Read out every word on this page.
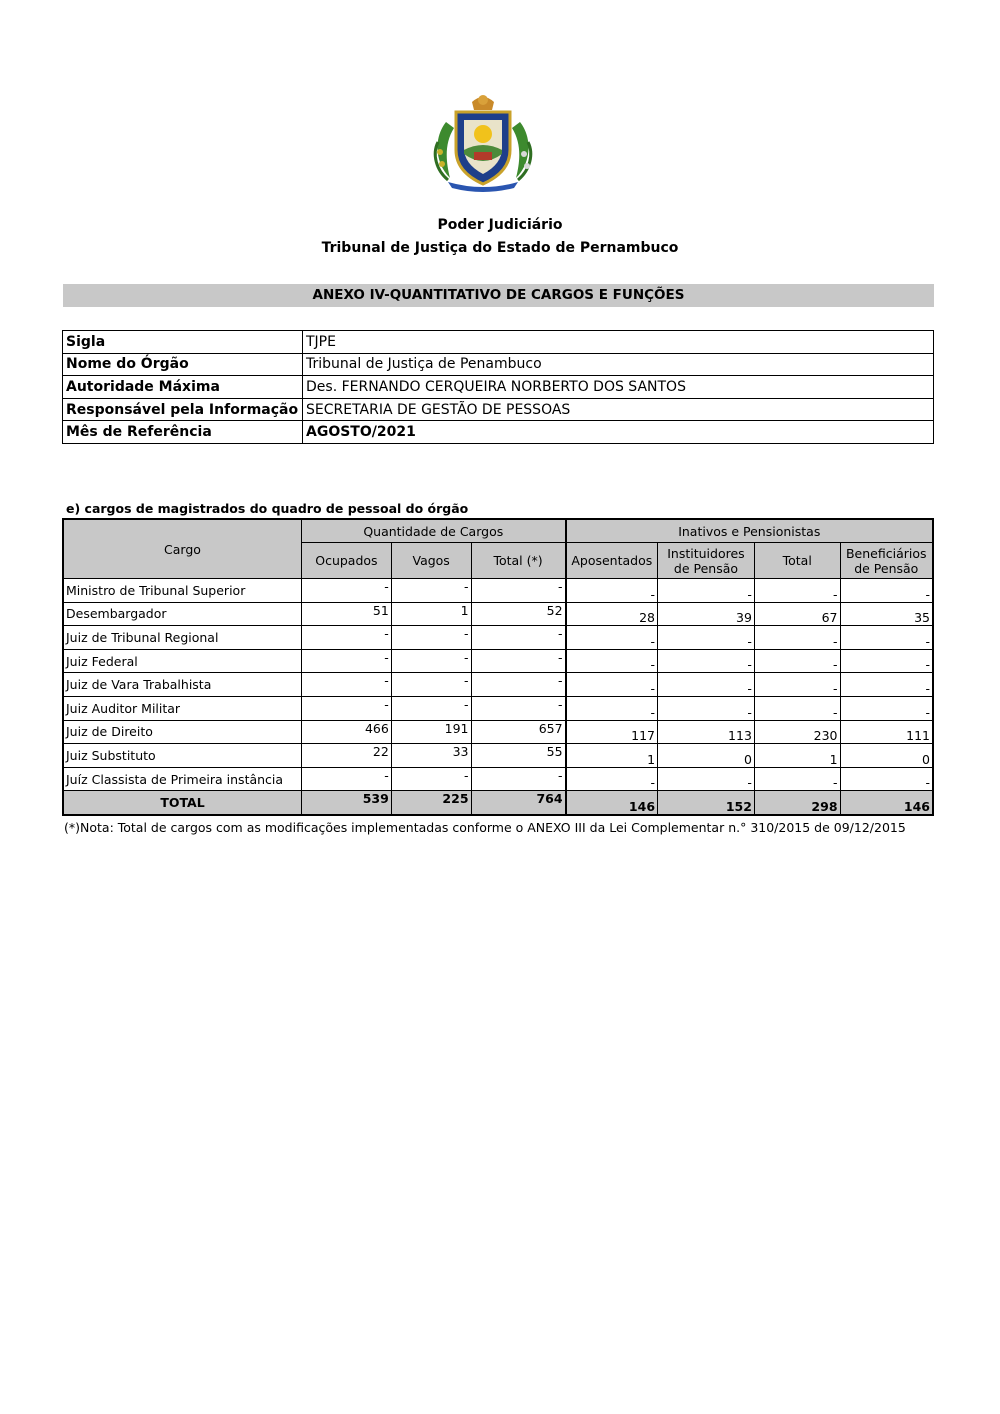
Poder Judiciário
Tribunal de Justiça do Estado de Pernambuco
ANEXO IV-QUANTITATIVO DE CARGOS E FUNÇÕES
Sigla	TJPE
Nome do Órgão	Tribunal de Justiça de Penambuco
Autoridade Máxima	Des. FERNANDO CERQUEIRA NORBERTO DOS SANTOS
Responsável pela Informação	SECRETARIA DE GESTÃO DE PESSOAS
Mês de Referência	AGOSTO/2021
e) cargos de magistrados do quadro de pessoal do órgão
Cargo	Quantidade de Cargos			Inativos e Pensionistas			
	Ocupados	Vagos	Total (*)	Aposentados	Instituidores de Pensão	Total	Beneficiários de Pensão
Ministro de Tribunal Superior	-	-	-	-	-	-	-
Desembargador	51	1	52	28	39	67	35
Juiz de Tribunal Regional	-	-	-	-	-	-	-
Juiz Federal	-	-	-	-	-	-	-
Juiz de Vara Trabalhista	-	-	-	-	-	-	-
Juiz Auditor Militar	-	-	-	-	-	-	-
Juiz de Direito	466	191	657	117	113	230	111
Juiz Substituto	22	33	55	1	0	1	0
Juíz Classista de Primeira instância	-	-	-	-	-	-	-
TOTAL	539	225	764	146	152	298	146
(*)Nota: Total de cargos com as modificações implementadas conforme o ANEXO III da Lei Complementar n.° 310/2015 de 09/12/2015
